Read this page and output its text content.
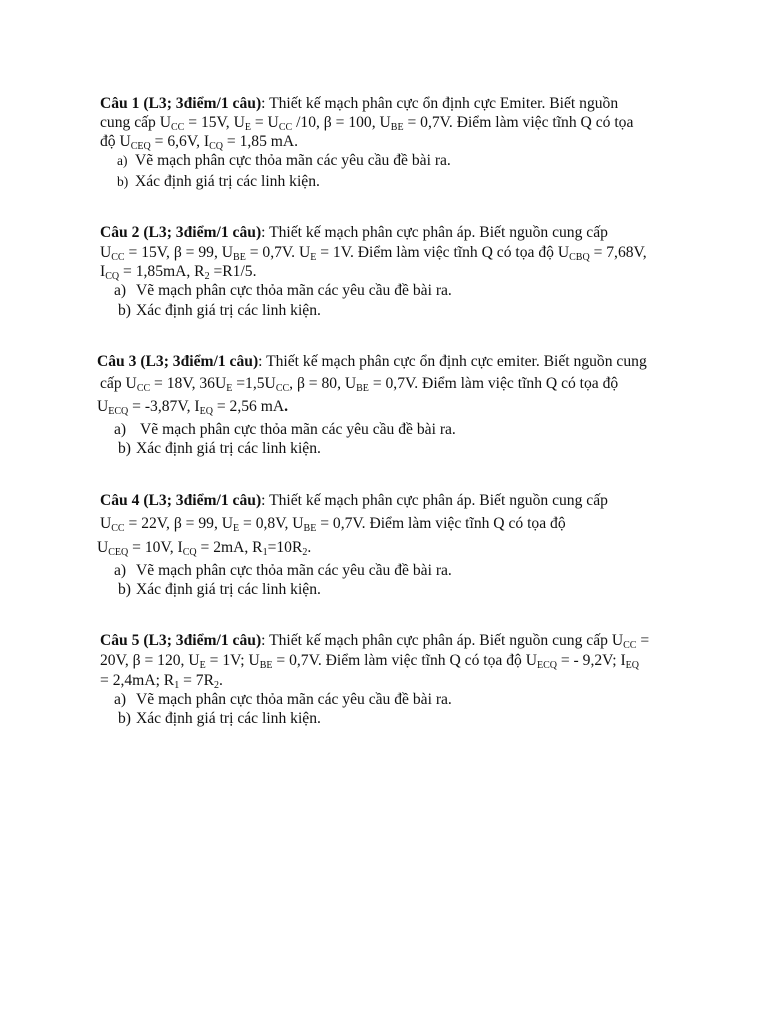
Câu 1 (L3; 3điểm/1 câu): Thiết kế mạch phân cực ổn định cực Emiter. Biết nguồn
cung cấp $U_{CC} = 15V$, $U_E = U_{CC}$ /10, β = 100, $U_{BE} = 0,7V$. Điểm làm việc tĩnh Q có tọa
độ $U_{CEQ} = 6,6V$, $I_{CQ} = 1,85$ mA.
a) Vẽ mạch phân cực thỏa mãn các yêu cầu đề bài ra.
b) Xác định giá trị các linh kiện.
Câu 2 (L3; 3điểm/1 câu): Thiết kế mạch phân cực phân áp. Biết nguồn cung cấp
$U_{CC} = 15V$, β = 99, $U_{BE} = 0,7V$. $U_E = 1V$. Điểm làm việc tĩnh Q có tọa độ $U_{CBQ} = 7,68V$,
$I_{CQ} = 1,85mA$, $R_2 =R1/5$.
a) Vẽ mạch phân cực thỏa mãn các yêu cầu đề bài ra.
b) Xác định giá trị các linh kiện.
Câu 3 (L3; 3điểm/1 câu): Thiết kế mạch phân cực ổn định cực emiter. Biết nguồn cung
cấp $U_{CC} = 18V$, $36U_E =1,5U_{CC}$, β = 80, $U_{BE} = 0,7V$. Điểm làm việc tĩnh Q có tọa độ
$U_{ECQ} = -3,87V$, $I_{EQ} = 2,56$ mA.
a) Vẽ mạch phân cực thỏa mãn các yêu cầu đề bài ra.
b) Xác định giá trị các linh kiện.
Câu 4 (L3; 3điểm/1 câu): Thiết kế mạch phân cực phân áp. Biết nguồn cung cấp
$U_{CC} = 22V$, β = 99, $U_E = 0,8V$, $U_{BE} = 0,7V$. Điểm làm việc tĩnh Q có tọa độ
$U_{CEQ} = 10V$, $I_{CQ} = 2mA$, $R_1=10R_2$.
a) Vẽ mạch phân cực thỏa mãn các yêu cầu đề bài ra.
b) Xác định giá trị các linh kiện.
Câu 5 (L3; 3điểm/1 câu): Thiết kế mạch phân cực phân áp. Biết nguồn cung cấp $U_{CC}$ =
20V, β = 120, $U_E = 1V$; $U_{BE} = 0,7V$. Điểm làm việc tĩnh Q có tọa độ $U_{ECQ}$ = - 9,2V; $I_{EQ}$
= 2,4mA; $R_1 = 7R_2$.
a) Vẽ mạch phân cực thỏa mãn các yêu cầu đề bài ra.
b) Xác định giá trị các linh kiện.
